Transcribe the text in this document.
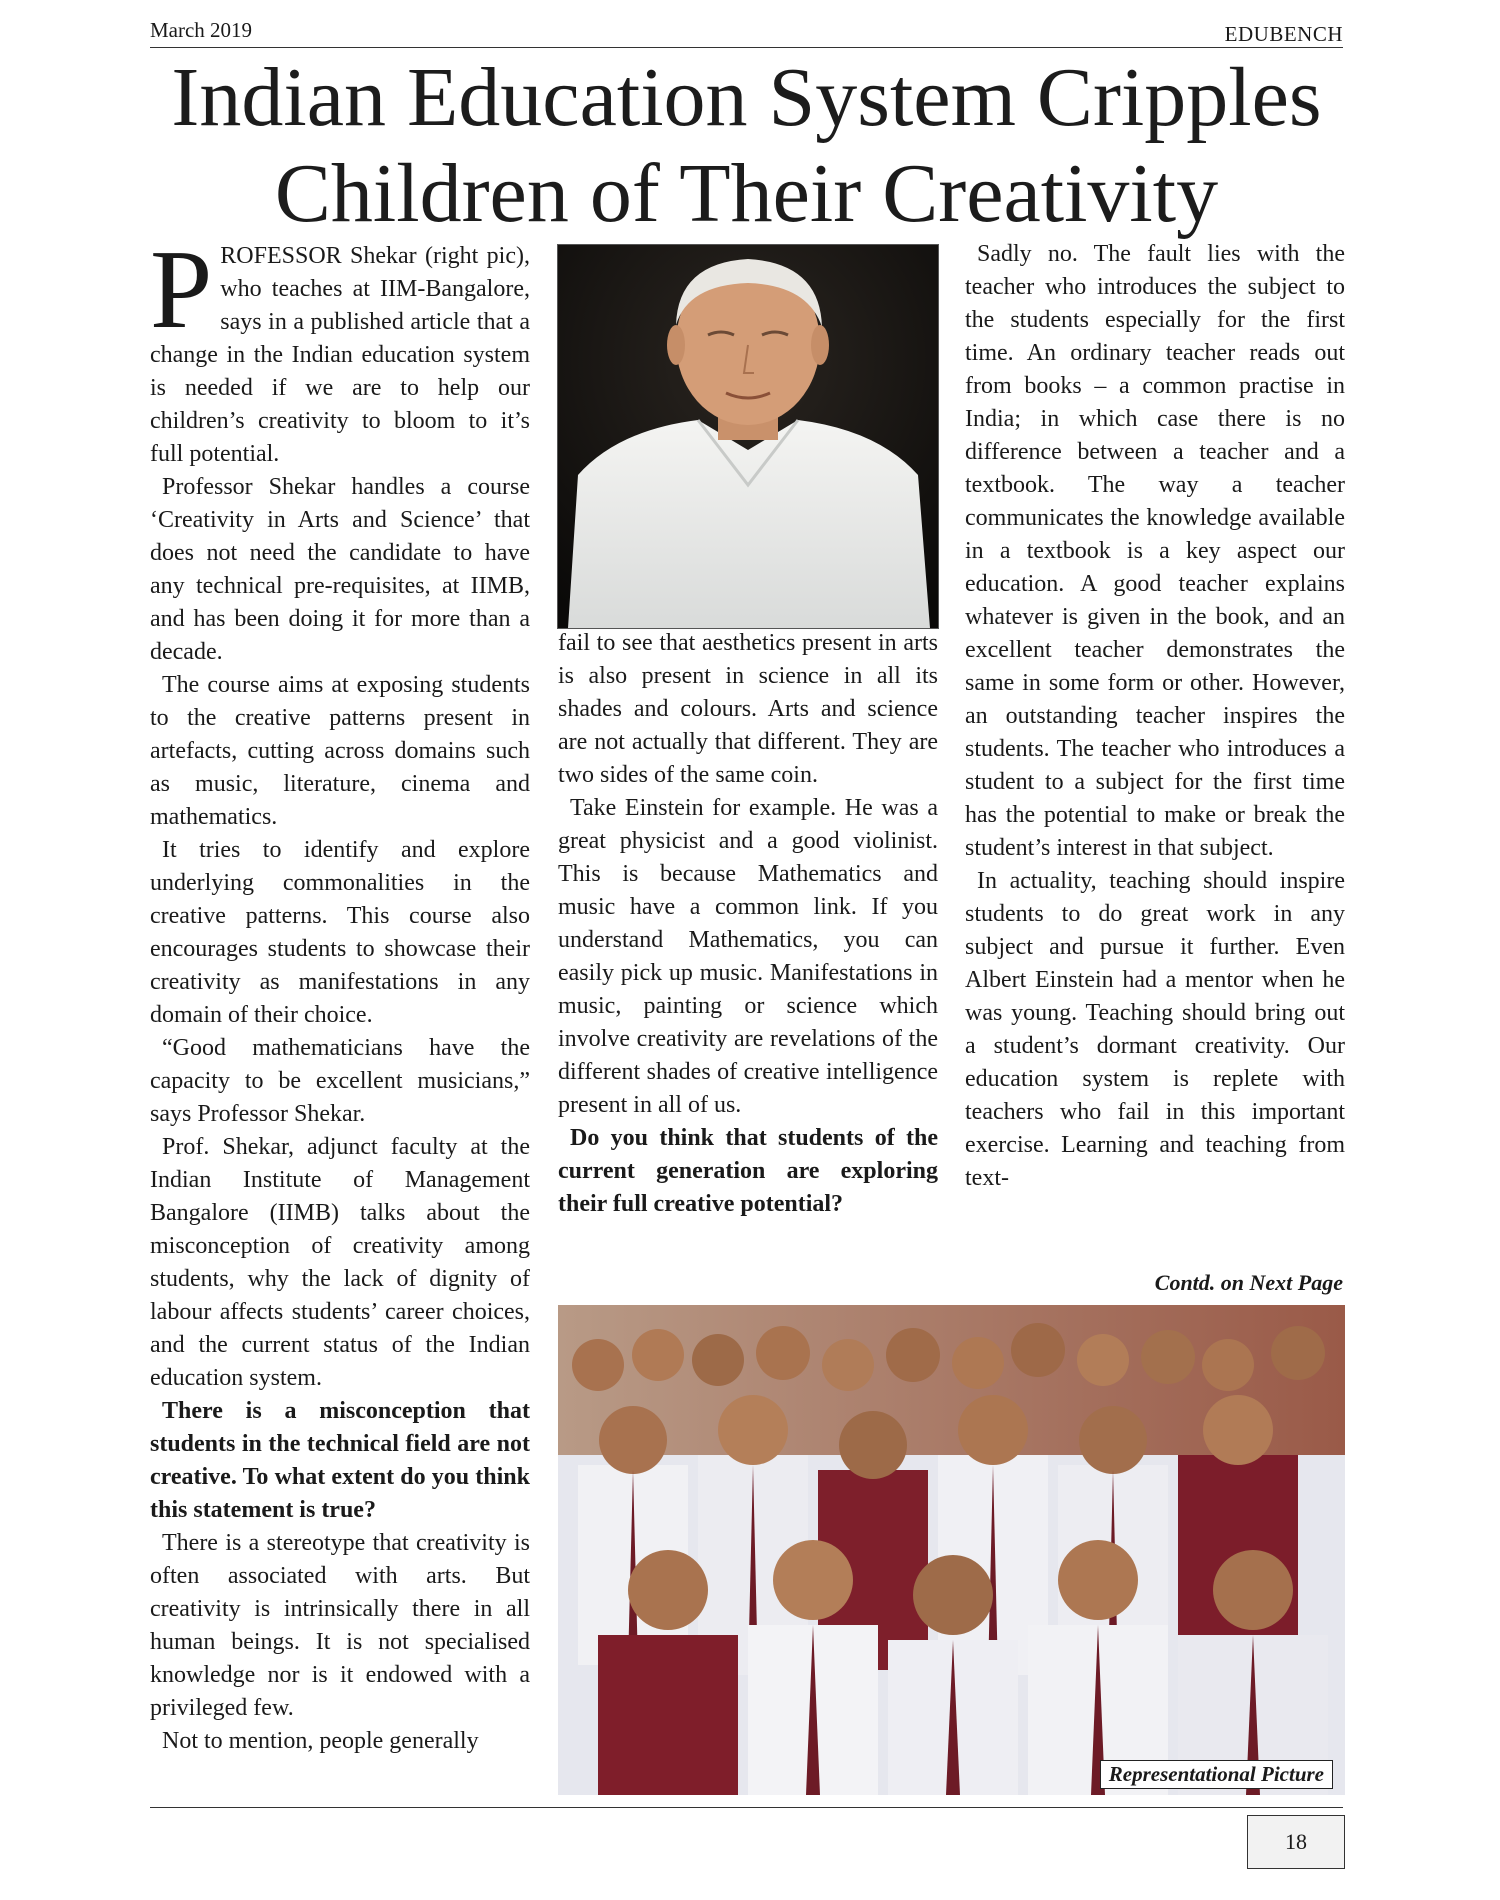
March 2019	EDUBENCH
Indian Education System Cripples
Children of Their Creativity

PROFESSOR Shekar (right pic), who teaches at IIM-Bangalore, says in a published article that a change in the Indian education system is needed if we are to help our children’s creativity to bloom to it’s full potential.

Professor Shekar handles a course ‘Creativity in Arts and Science’ that does not need the candidate to have any technical pre-requisites, at IIMB, and has been doing it for more than a decade.

The course aims at exposing students to the creative patterns present in artefacts, cutting across domains such as music, literature, cinema and mathematics.

It tries to identify and explore underlying commonalities in the creative patterns. This course also encourages students to showcase their creativity as manifestations in any domain of their choice.

“Good mathematicians have the capacity to be excellent musicians,” says Professor Shekar.

Prof. Shekar, adjunct faculty at the Indian Institute of Management Bangalore (IIMB) talks about the misconception of creativity among students, why the lack of dignity of labour affects students’ career choices, and the current status of the Indian education system.

There is a misconception that students in the technical field are not creative. To what extent do you think this statement is true?

There is a stereotype that creativity is often associated with arts. But creativity is intrinsically there in all human beings. It is not specialised knowledge nor is it endowed with a privileged few.

Not to mention, people generally

fail to see that aesthetics present in arts is also present in science in all its shades and colours. Arts and science are not actually that different. They are two sides of the same coin.

Take Einstein for example. He was a great physicist and a good violinist. This is because Mathematics and music have a common link. If you understand Mathematics, you can easily pick up music. Manifestations in music, painting or science which involve creativity are revelations of the different shades of creative intelligence present in all of us.

Do you think that students of the current generation are exploring their full creative potential?

Sadly no. The fault lies with the teacher who introduces the subject to the students especially for the first time. An ordinary teacher reads out from books – a common practise in India; in which case there is no difference between a teacher and a textbook. The way a teacher communicates the knowledge available in a textbook is a key aspect our education. A good teacher explains whatever is given in the book, and an excellent teacher demonstrates the same in some form or other. However, an outstanding teacher inspires the students. The teacher who introduces a student to a subject for the first time has the potential to make or break the student’s interest in that subject.

In actuality, teaching should inspire students to do great work in any subject and pursue it further. Even Albert Einstein had a mentor when he was young. Teaching should bring out a student’s dormant creativity. Our education system is replete with teachers who fail in this important exercise. Learning and teaching from text-

Contd. on Next Page
Representational Picture
18
